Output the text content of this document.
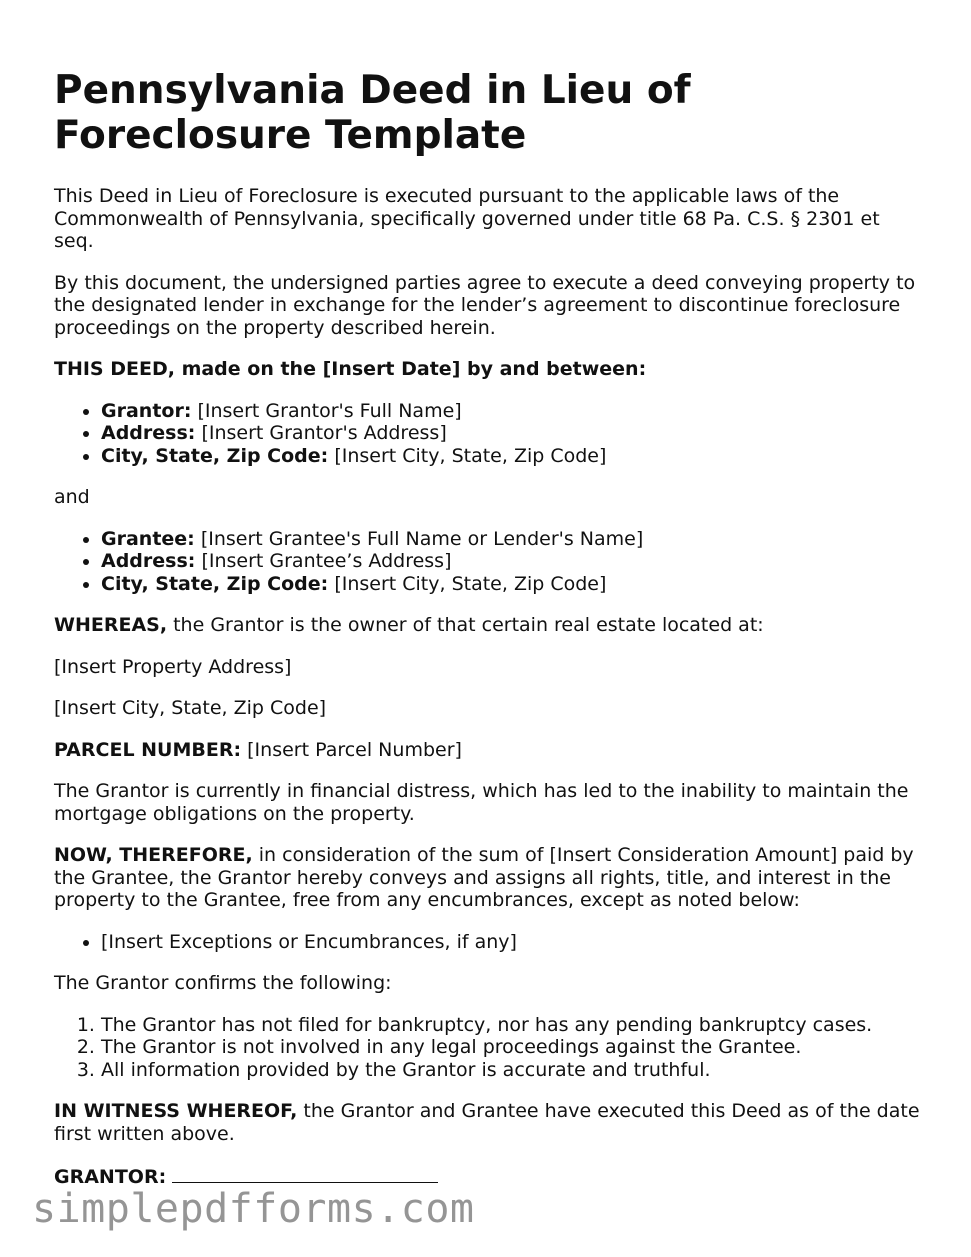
Pennsylvania Deed in Lieu of Foreclosure Template

This Deed in Lieu of Foreclosure is executed pursuant to the applicable laws of the Commonwealth of Pennsylvania, specifically governed under title 68 Pa. C.S. § 2301 et seq.

By this document, the undersigned parties agree to execute a deed conveying property to the designated lender in exchange for the lender’s agreement to discontinue foreclosure proceedings on the property described herein.

THIS DEED, made on the [Insert Date] by and between:

• Grantor: [Insert Grantor's Full Name]
• Address: [Insert Grantor's Address]
• City, State, Zip Code: [Insert City, State, Zip Code]

and

• Grantee: [Insert Grantee's Full Name or Lender's Name]
• Address: [Insert Grantee’s Address]
• City, State, Zip Code: [Insert City, State, Zip Code]

WHEREAS, the Grantor is the owner of that certain real estate located at:

[Insert Property Address]

[Insert City, State, Zip Code]

PARCEL NUMBER: [Insert Parcel Number]

The Grantor is currently in financial distress, which has led to the inability to maintain the mortgage obligations on the property.

NOW, THEREFORE, in consideration of the sum of [Insert Consideration Amount] paid by the Grantee, the Grantor hereby conveys and assigns all rights, title, and interest in the property to the Grantee, free from any encumbrances, except as noted below:

• [Insert Exceptions or Encumbrances, if any]

The Grantor confirms the following:

1. The Grantor has not filed for bankruptcy, nor has any pending bankruptcy cases.
2. The Grantor is not involved in any legal proceedings against the Grantee.
3. All information provided by the Grantor is accurate and truthful.

IN WITNESS WHEREOF, the Grantor and Grantee have executed this Deed as of the date first written above.

GRANTOR:

simplepdfforms.com
